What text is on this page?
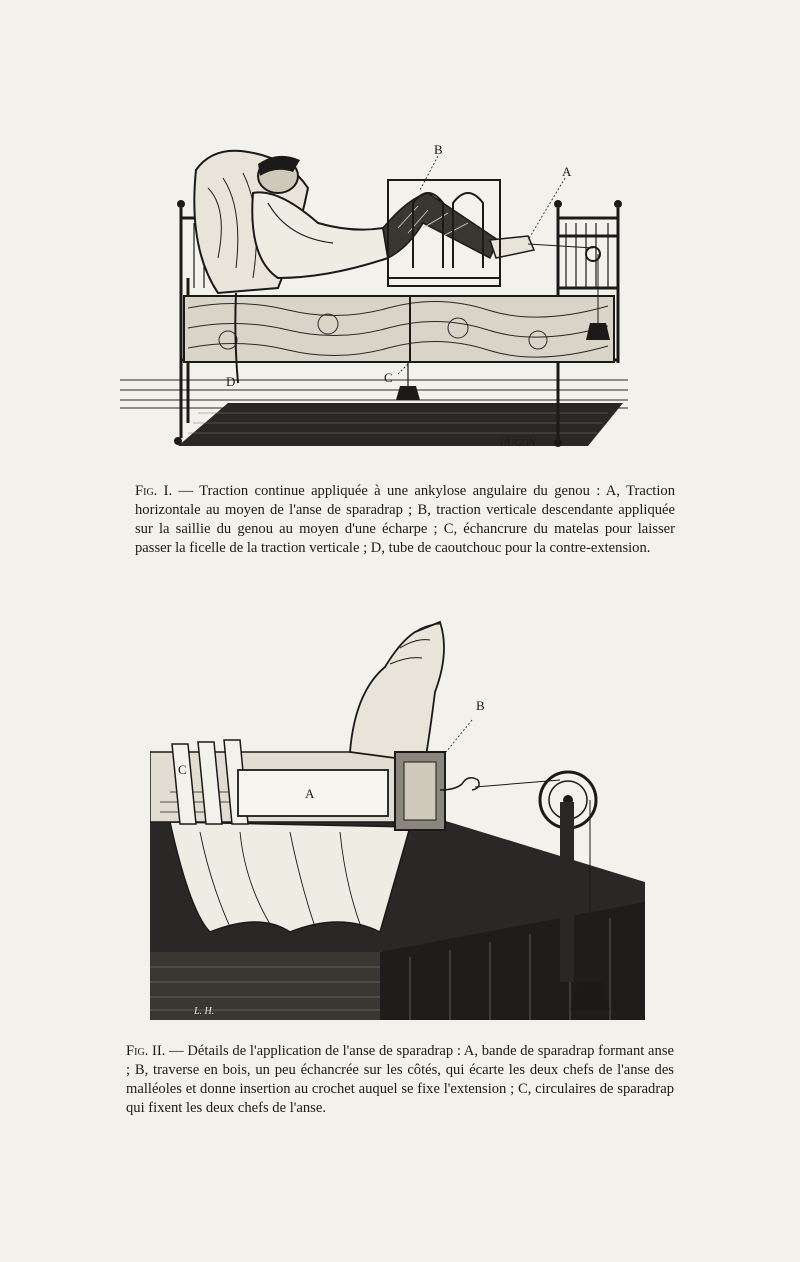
B
A
C
D
HUGON

Fig. I. — Traction continue appliquée à une ankylose angulaire du genou : A, Traction horizontale au moyen de l'anse de sparadrap ; B, traction verticale descendante appliquée sur la saillie du genou au moyen d'une écharpe ; C, échancrure du matelas pour laisser passer la ficelle de la traction verticale ; D, tube de caoutchouc pour la contre-extension.

B
A
C
L. H.

Fig. II. — Détails de l'application de l'anse de sparadrap : A, bande de sparadrap formant anse ; B, traverse en bois, un peu échancrée sur les côtés, qui écarte les deux chefs de l'anse des malléoles et donne insertion au crochet auquel se fixe l'extension ; C, circulaires de sparadrap qui fixent les deux chefs de l'anse.
